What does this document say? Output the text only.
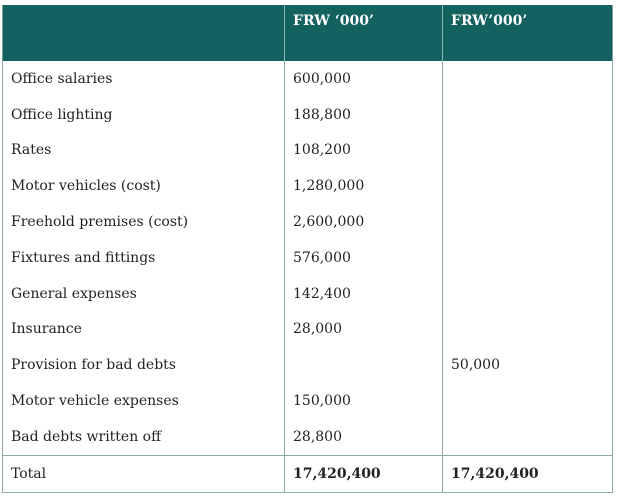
	FRW ‘000’	FRW’000’
Office salaries	600,000	
Office lighting	188,800	
Rates	108,200	
Motor vehicles (cost)	1,280,000	
Freehold premises (cost)	2,600,000	
Fixtures and fittings	576,000	
General expenses	142,400	
Insurance	28,000	
Provision for bad debts		50,000
Motor vehicle expenses	150,000	
Bad debts written off	28,800	
Total	17,420,400	17,420,400
